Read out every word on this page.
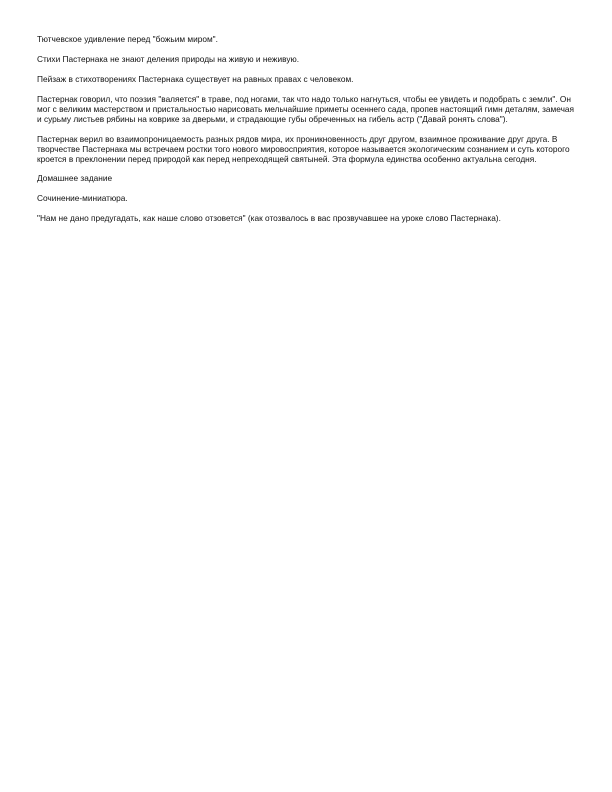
Тютчевское удивление перед "божьим миром".

Стихи Пастернака не знают деления природы на живую и неживую.

Пейзаж в стихотворениях Пастернака существует на равных правах с человеком.

Пастернак говорил, что поэзия "валяется" в траве, под ногами, так что надо только нагнуться, чтобы ее увидеть и подобрать с земли". Он мог с великим мастерством и пристальностью нарисовать мельчайшие приметы осеннего сада, пропев настоящий гимн деталям, замечая и сурьму листьев рябины на коврике за дверьми, и страдающие губы обреченных на гибель астр ("Давай ронять слова").

Пастернак верил во взаимопроницаемость разных рядов мира, их проникновенность друг другом, взаимное проживание друг друга. В творчестве Пастернака мы встречаем ростки того нового мировосприятия, которое называется экологическим сознанием и суть которого кроется в преклонении перед природой как перед непреходящей святыней. Эта формула единства особенно актуальна сегодня.

Домашнее задание

Сочинение-миниатюра.

"Нам не дано предугадать, как наше слово отзовется" (как отозвалось в вас прозвучавшее на уроке слово Пастернака).
